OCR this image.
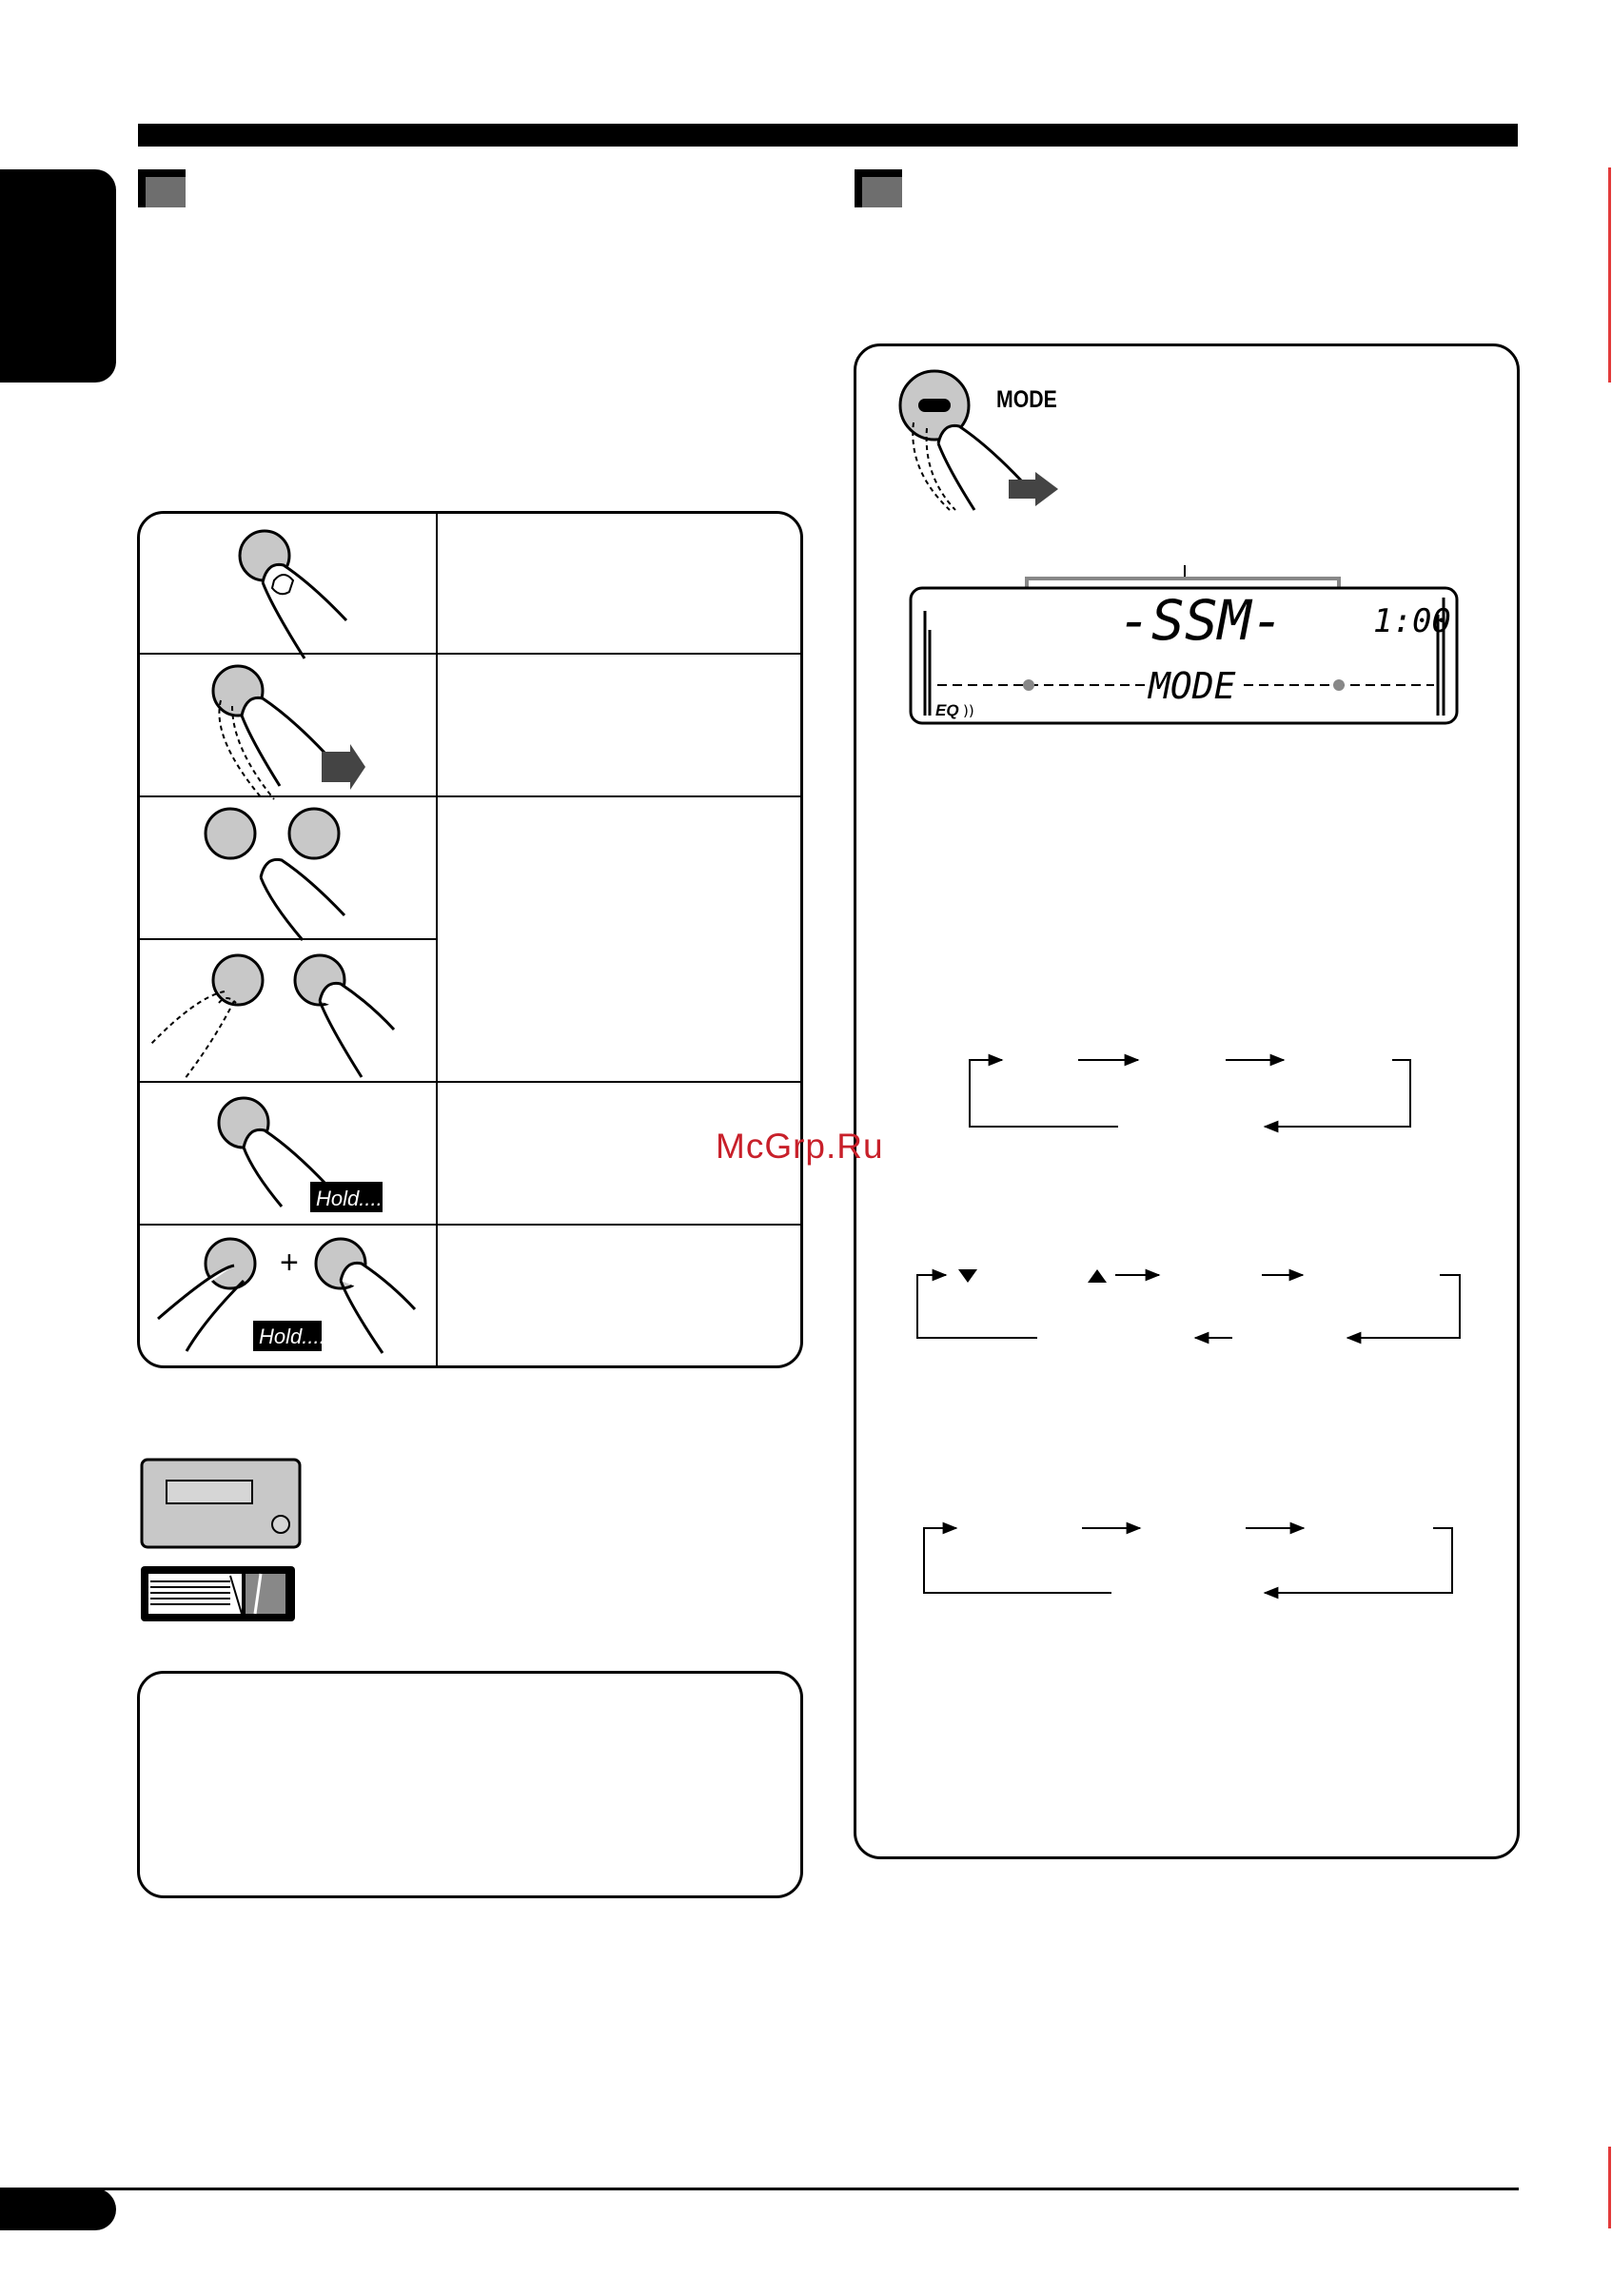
Hold....
+
Hold....
MODE
-SSM-	1:00
MODE
EQ ))
McGrp.Ru
